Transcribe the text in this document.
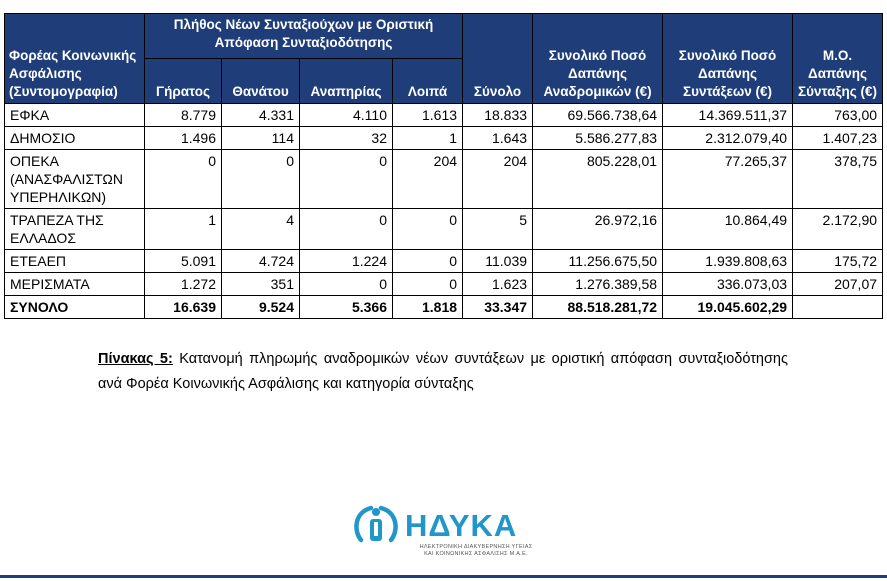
Φορέας Κοινωνικής Ασφάλισης (Συντομογραφία)	Πλήθος Νέων Συνταξιούχων με Οριστική Απόφαση Συνταξιοδότησης				Σύνολο	Συνολικό Ποσό Δαπάνης Αναδρομικών (€)	Συνολικό Ποσό Δαπάνης Συντάξεων (€)	Μ.Ο. Δαπάνης Σύνταξης (€)
	Γήρατος	Θανάτου	Αναπηρίας	Λοιπά				
ΕΦΚΑ	8.779	4.331	4.110	1.613	18.833	69.566.738,64	14.369.511,37	763,00
ΔΗΜΟΣΙΟ	1.496	114	32	1	1.643	5.586.277,83	2.312.079,40	1.407,23
ΟΠΕΚΑ (ΑΝΑΣΦΑΛΙΣΤΩΝ ΥΠΕΡΗΛΙΚΩΝ)	0	0	0	204	204	805.228,01	77.265,37	378,75
ΤΡΑΠΕΖΑ ΤΗΣ ΕΛΛΑΔΟΣ	1	4	0	0	5	26.972,16	10.864,49	2.172,90
ΕΤΕΑΕΠ	5.091	4.724	1.224	0	11.039	11.256.675,50	1.939.808,63	175,72
ΜΕΡΙΣΜΑΤΑ	1.272	351	0	0	1.623	1.276.389,58	336.073,03	207,07
ΣΥΝΟΛΟ	16.639	9.524	5.366	1.818	33.347	88.518.281,72	19.045.602,29	
Πίνακας 5: Κατανομή πληρωμής αναδρομικών νέων συντάξεων με οριστική απόφαση συνταξιοδότησης ανά Φορέα Κοινωνικής Ασφάλισης και κατηγορία σύνταξης
ΗΔΥΚΑ
ΗΛΕΚΤΡΟΝΙΚΗ ΔΙΑΚΥΒΕΡΝΗΣΗ ΥΓΕΙΑΣ
ΚΑΙ ΚΟΙΝΩΝΙΚΗΣ ΑΣΦΑΛΙΣΗΣ Μ.Α.Ε.
